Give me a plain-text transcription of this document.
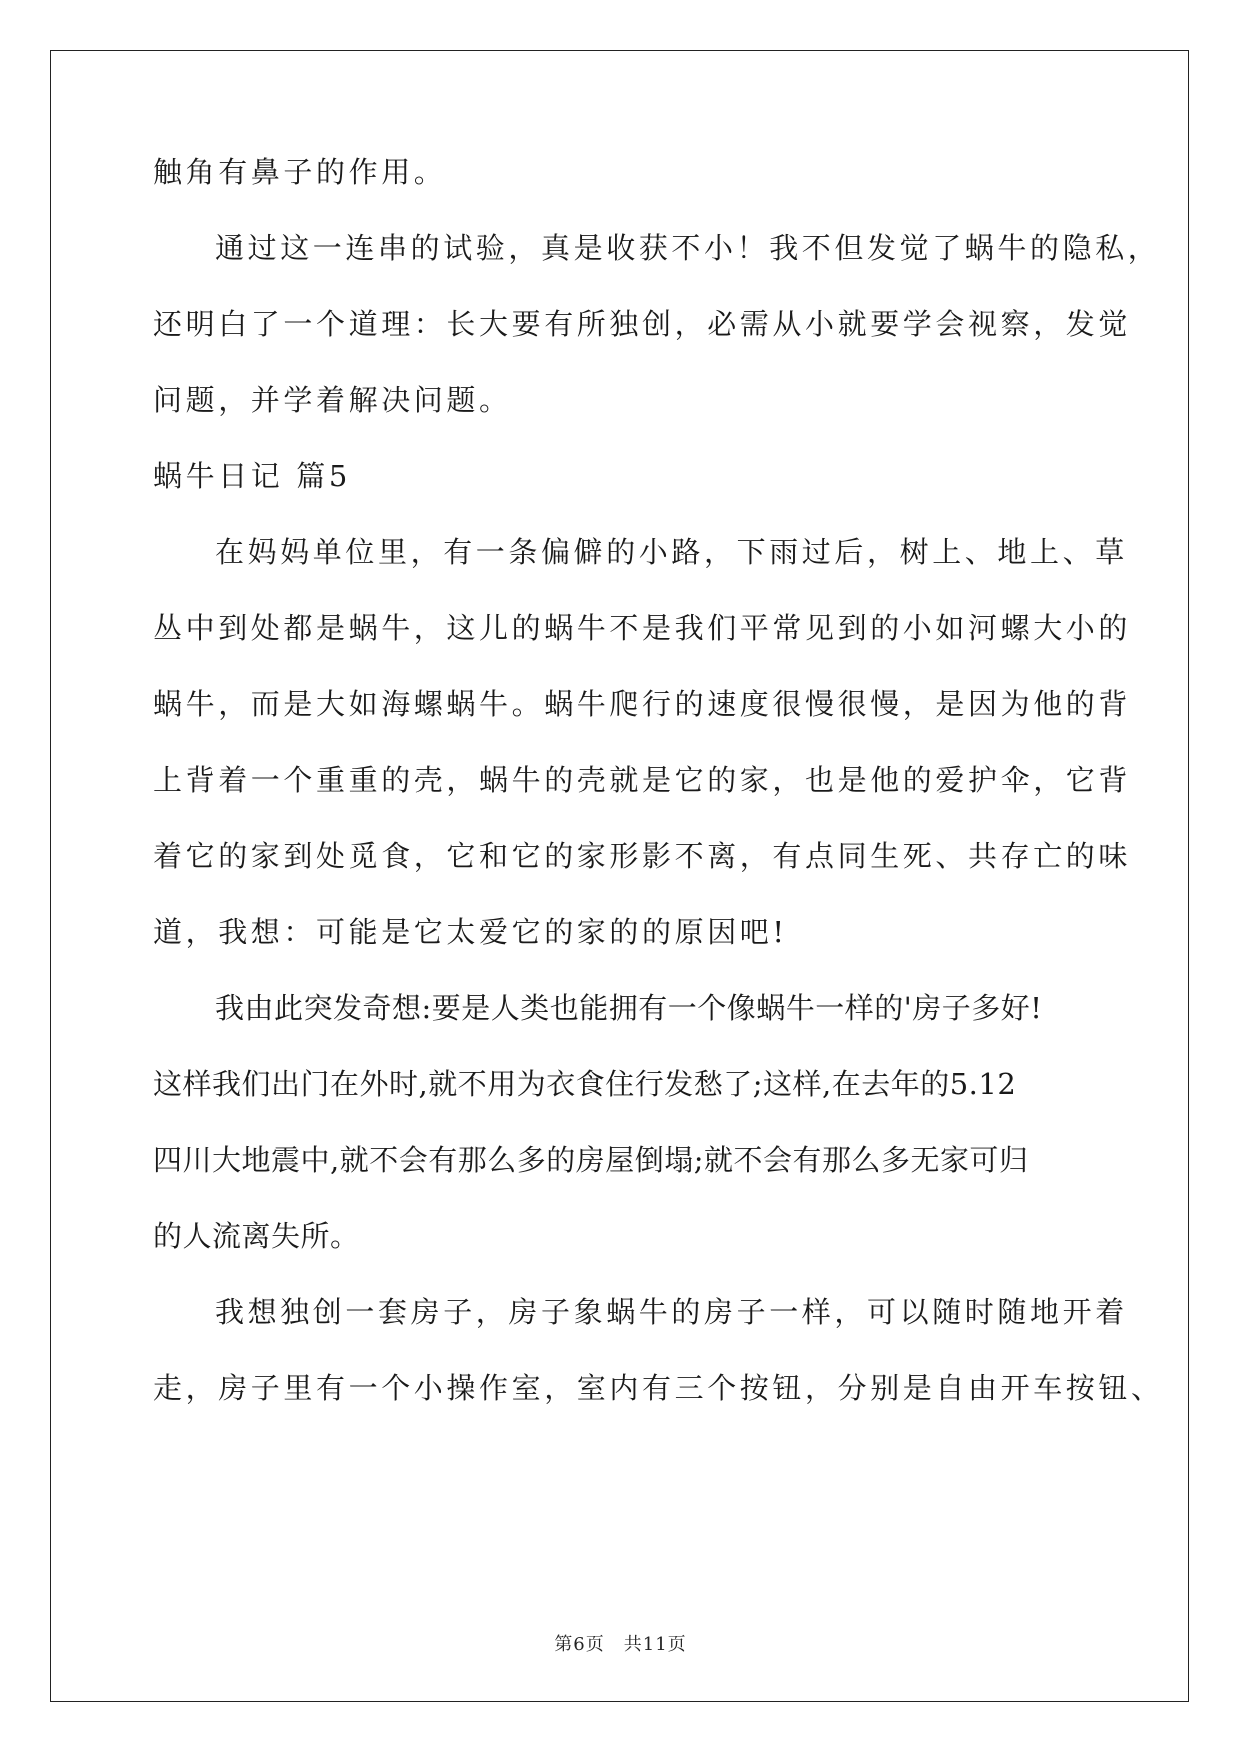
触角有鼻子的作用。
通过这一连串的试验，真是收获不小！我不但发觉了蜗牛的隐私，
还明白了一个道理：长大要有所独创，必需从小就要学会视察，发觉
问题，并学着解决问题。
蜗牛日记 篇5
在妈妈单位里，有一条偏僻的小路，下雨过后，树上、地上、草
丛中到处都是蜗牛，这儿的蜗牛不是我们平常见到的小如河螺大小的
蜗牛，而是大如海螺蜗牛。蜗牛爬行的速度很慢很慢，是因为他的背
上背着一个重重的壳，蜗牛的壳就是它的家，也是他的爱护伞，它背
着它的家到处觅食，它和它的家形影不离，有点同生死、共存亡的味
道，我想：可能是它太爱它的家的的原因吧!
我由此突发奇想:要是人类也能拥有一个像蜗牛一样的'房子多好!
这样我们出门在外时,就不用为衣食住行发愁了;这样,在去年的5.12
四川大地震中,就不会有那么多的房屋倒塌;就不会有那么多无家可归
的人流离失所。
我想独创一套房子，房子象蜗牛的房子一样，可以随时随地开着
走，房子里有一个小操作室，室内有三个按钮，分别是自由开车按钮、
第6页　共11页
